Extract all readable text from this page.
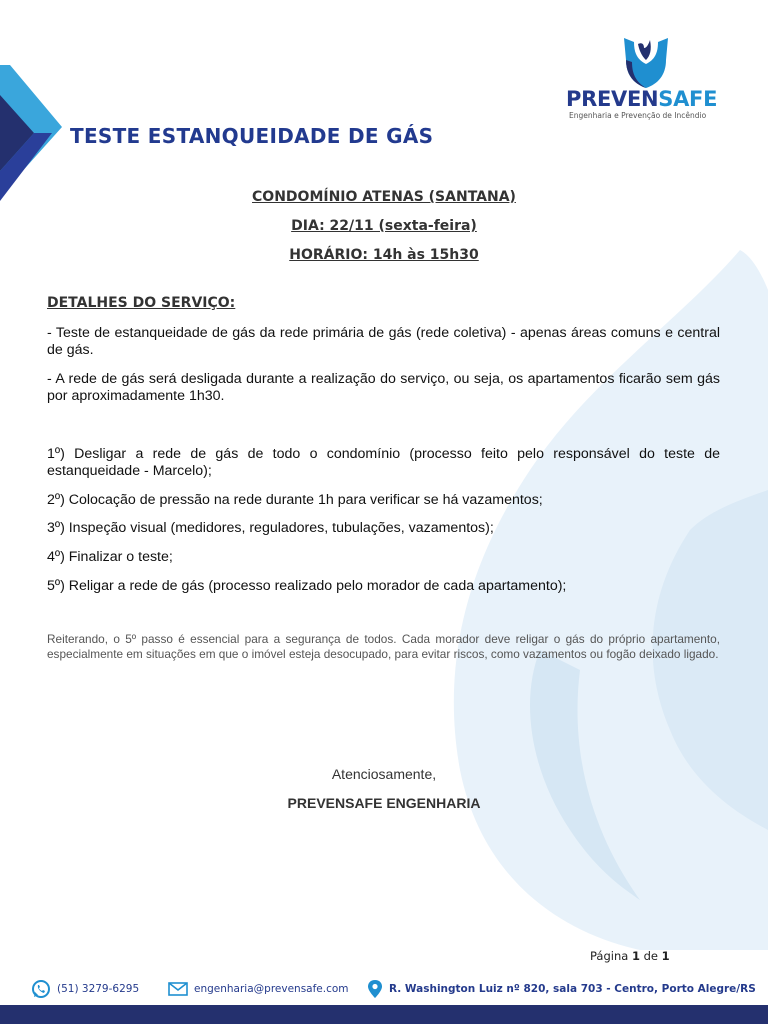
PREVENSAFE
Engenharia e Prevenção de Incêndio
TESTE ESTANQUEIDADE DE GÁS
CONDOMÍNIO ATENAS (SANTANA)
DIA: 22/11 (sexta-feira)
HORÁRIO: 14h às 15h30
DETALHES DO SERVIÇO:
- Teste de estanqueidade de gás da rede primária de gás (rede coletiva) - apenas áreas comuns e central de gás.
- A rede de gás será desligada durante a realização do serviço, ou seja, os apartamentos ficarão sem gás por aproximadamente 1h30.
1º) Desligar a rede de gás de todo o condomínio (processo feito pelo responsável do teste de estanqueidade - Marcelo);
2º) Colocação de pressão na rede durante 1h para verificar se há vazamentos;
3º) Inspeção visual (medidores, reguladores, tubulações, vazamentos);
4º) Finalizar o teste;
5º) Religar a rede de gás (processo realizado pelo morador de cada apartamento);
Reiterando, o 5º passo é essencial para a segurança de todos. Cada morador deve religar o gás do próprio apartamento, especialmente em situações em que o imóvel esteja desocupado, para evitar riscos, como vazamentos ou fogão deixado ligado.
Atenciosamente,
PREVENSAFE ENGENHARIA
Página 1 de 1
(51) 3279-6295	engenharia@prevensafe.com	R. Washington Luiz nº 820, sala 703 - Centro, Porto Alegre/RS
